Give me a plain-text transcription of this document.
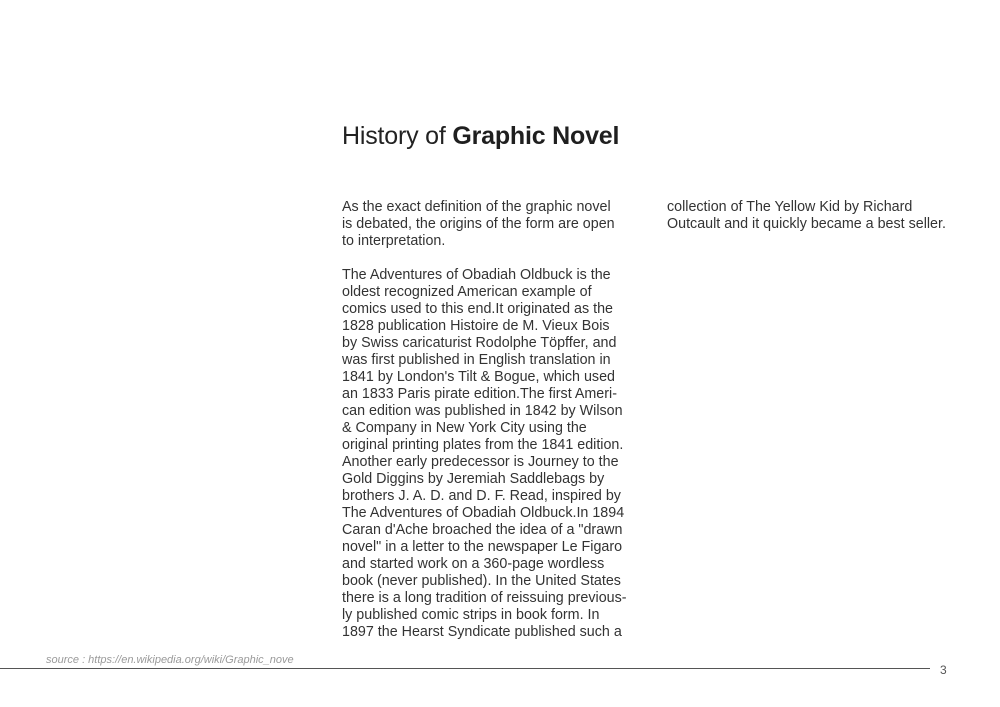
History of Graphic Novel
As the exact definition of the graphic novel
is debated, the origins of the form are open
to interpretation.
The Adventures of Obadiah Oldbuck is the
oldest recognized American example of
comics used to this end.It originated as the
1828 publication Histoire de M. Vieux Bois
by Swiss caricaturist Rodolphe Töpffer, and
was first published in English translation in
1841 by London's Tilt & Bogue, which used
an 1833 Paris pirate edition.The first Ameri-
can edition was published in 1842 by Wilson
& Company in New York City using the
original printing plates from the 1841 edition.
Another early predecessor is Journey to the
Gold Diggins by Jeremiah Saddlebags by
brothers J. A. D. and D. F. Read, inspired by
The Adventures of Obadiah Oldbuck.In 1894
Caran d'Ache broached the idea of a "drawn
novel" in a letter to the newspaper Le Figaro
and started work on a 360-page wordless
book (never published). In the United States
there is a long tradition of reissuing previous-
ly published comic strips in book form. In
1897 the Hearst Syndicate published such a
collection of The Yellow Kid by Richard
Outcault and it quickly became a best seller.
source : https://en.wikipedia.org/wiki/Graphic_nove
3
